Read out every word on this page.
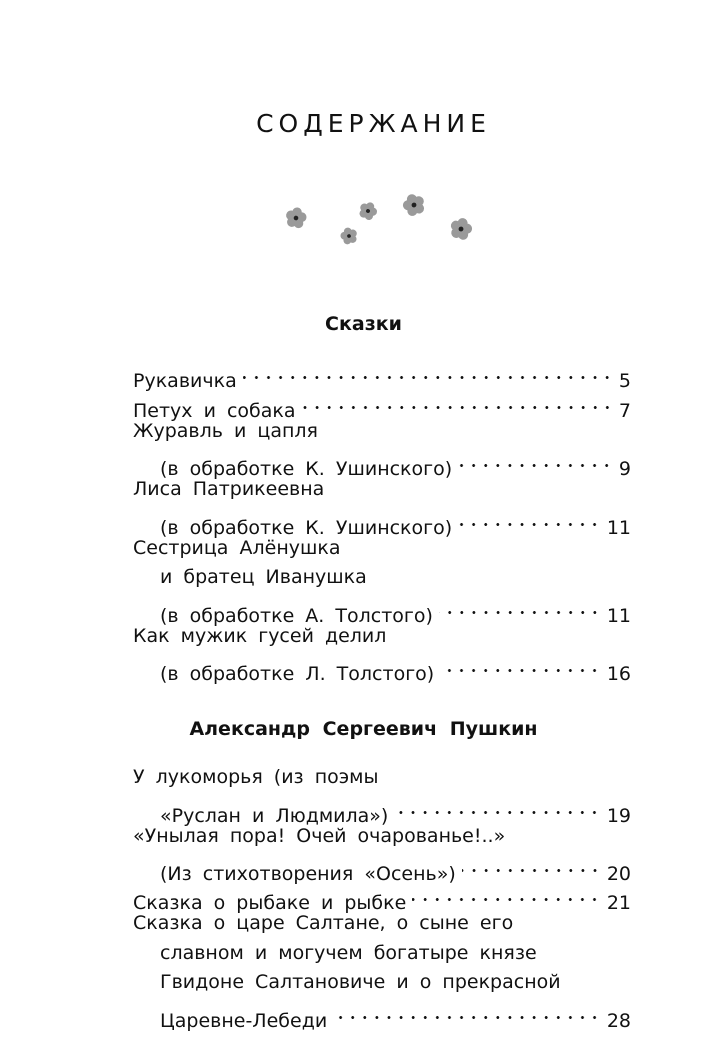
СОДЕРЖАНИЕ
Сказки
Рукавичка	5
Петух и собака	7
Журавль и цапля
(в обработке К. Ушинского)	9
Лиса Патрикеевна
(в обработке К. Ушинского)	11
Сестрица Алёнушка
и братец Иванушка
(в обработке А. Толстого)	11
Как мужик гусей делил
(в обработке Л. Толстого)	16
Александр Сергеевич Пушкин
У лукоморья (из поэмы
«Руслан и Людмила»)	19
«Унылая пора! Очей очарованье!..»
(Из стихотворения «Осень»)	20
Сказка о рыбаке и рыбке	21
Сказка о царе Салтане, о сыне его
славном и могучем богатыре князе
Гвидоне Салтановиче и о прекрасной
Царевне-Лебеди	28
